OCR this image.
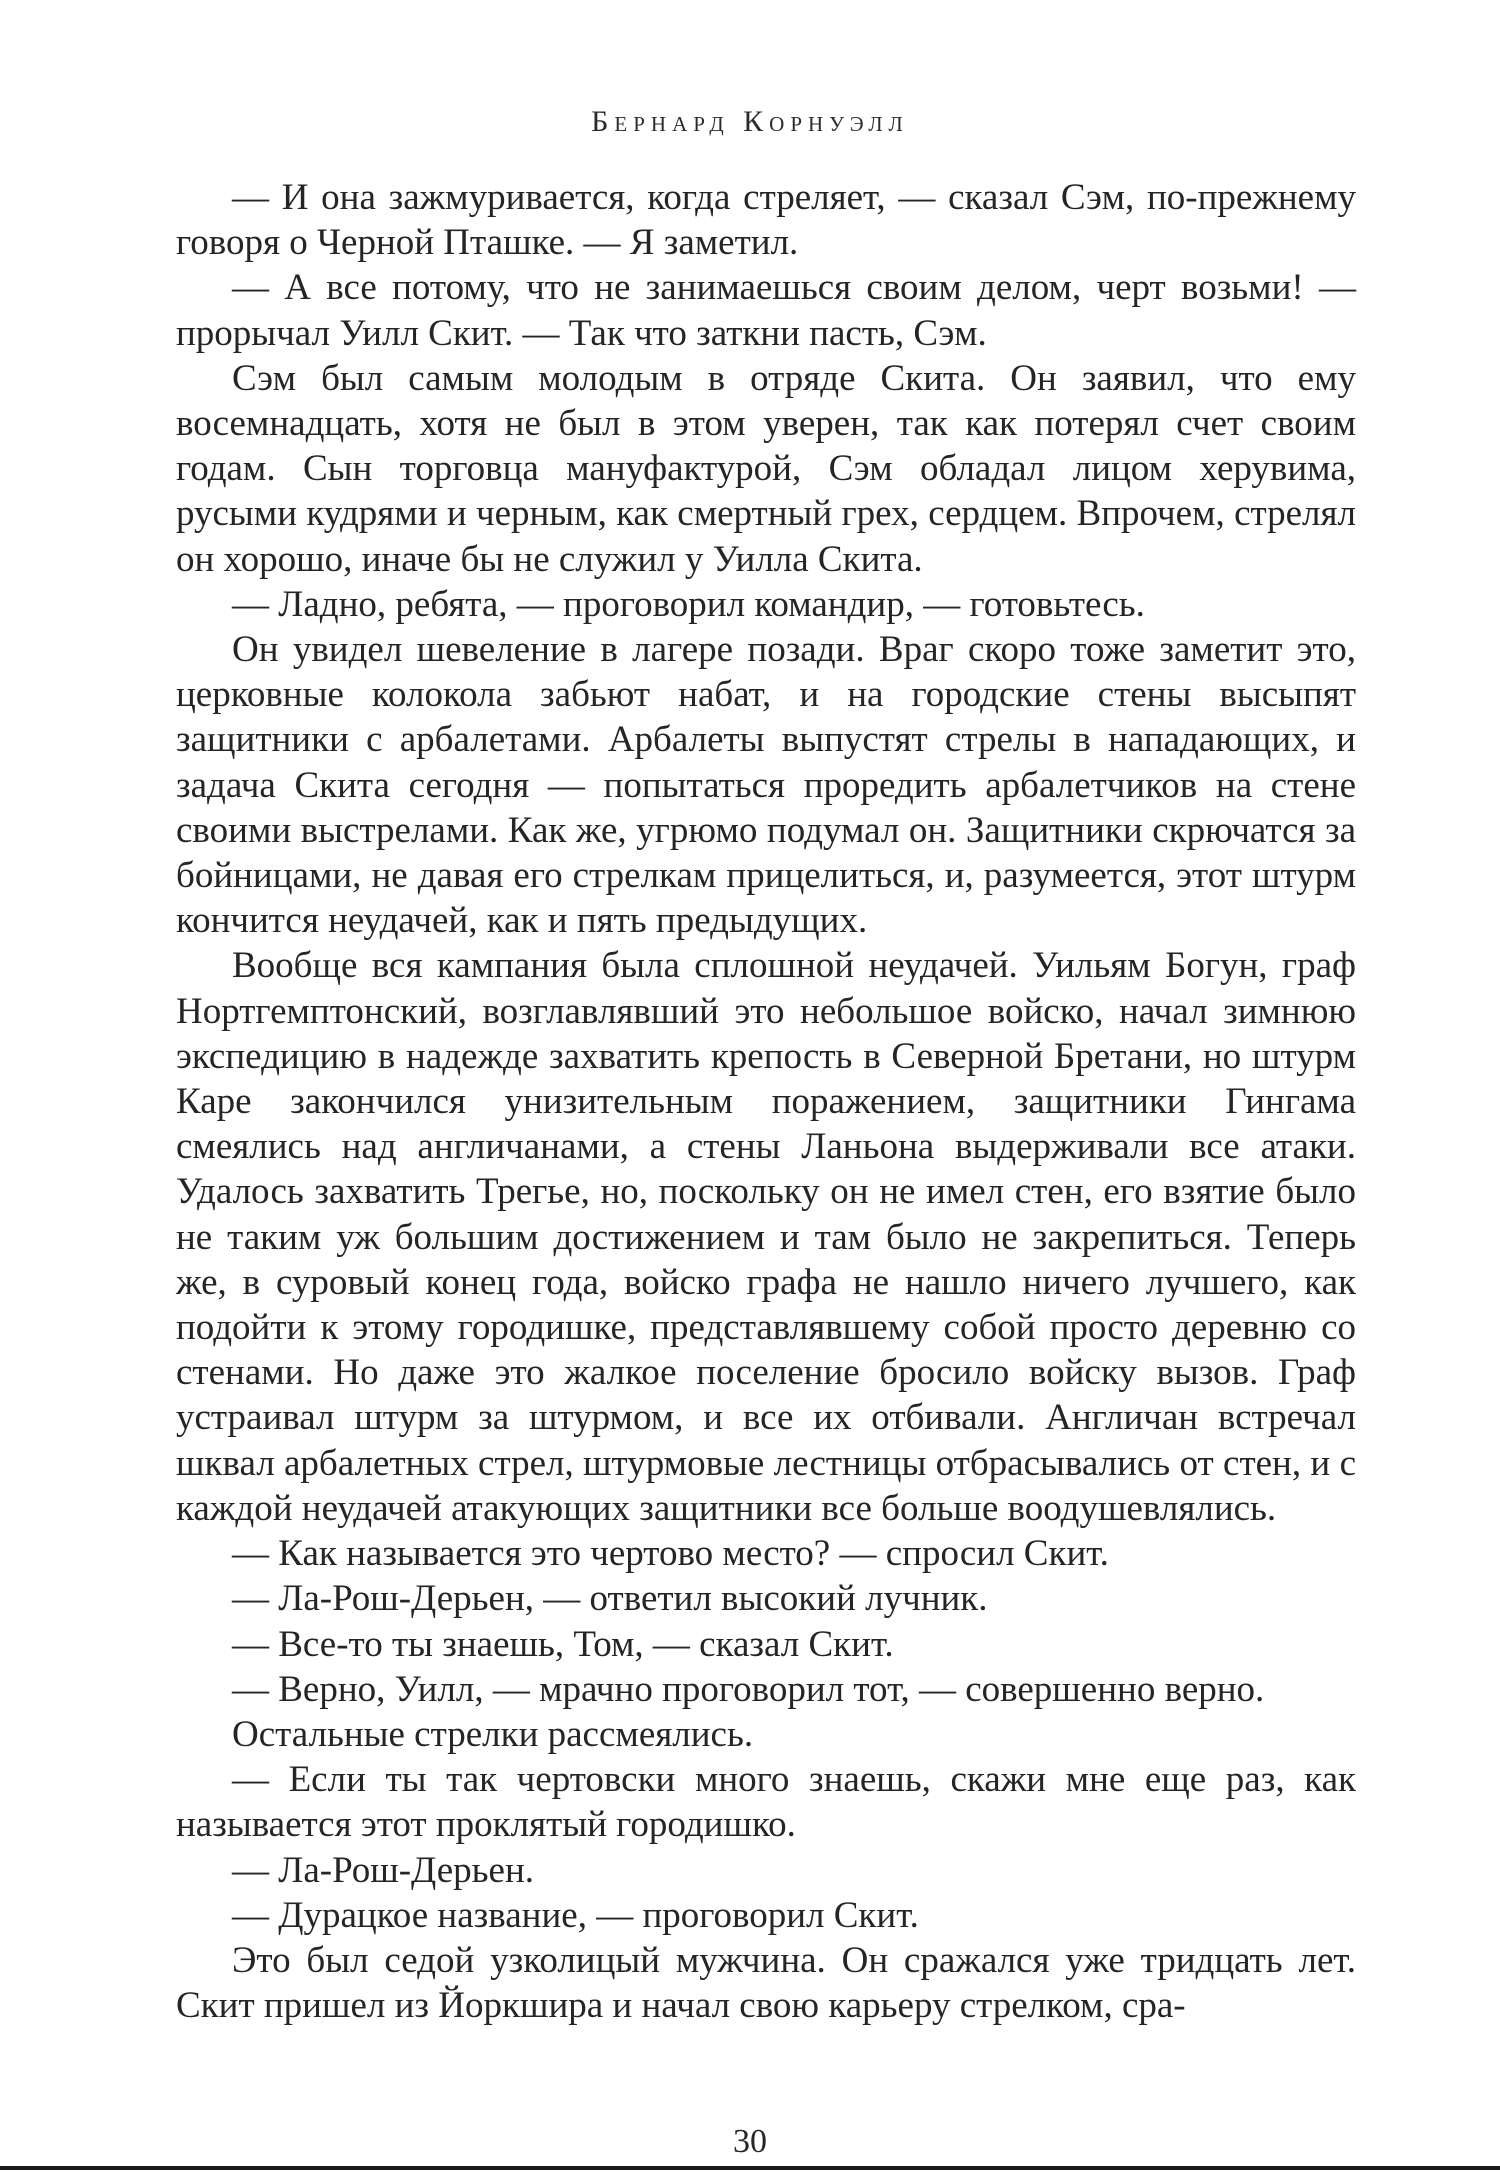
Бернард Корнуэлл

— И она зажмуривается, когда стреляет, — сказал Сэм, по-прежнему говоря о Черной Пташке. — Я заметил.

— А все потому, что не занимаешься своим делом, черт возьми! — прорычал Уилл Скит. — Так что заткни пасть, Сэм.

Сэм был самым молодым в отряде Скита. Он заявил, что ему восемнадцать, хотя не был в этом уверен, так как потерял счет своим годам. Сын торговца мануфактурой, Сэм обладал лицом херувима, русыми кудрями и черным, как смертный грех, сердцем. Впрочем, стрелял он хорошо, иначе бы не служил у Уилла Скита.

— Ладно, ребята, — проговорил командир, — готовьтесь.

Он увидел шевеление в лагере позади. Враг скоро тоже заметит это, церковные колокола забьют набат, и на городские стены высыпят защитники с арбалетами. Арбалеты выпустят стрелы в нападающих, и задача Скита сегодня — попытаться проредить арбалетчиков на стене своими выстрелами. Как же, угрюмо подумал он. Защитники скрючатся за бойницами, не давая его стрелкам прицелиться, и, разумеется, этот штурм кончится неудачей, как и пять предыдущих.

Вообще вся кампания была сплошной неудачей. Уильям Богун, граф Нортгемптонский, возглавлявший это небольшое войско, начал зимнюю экспедицию в надежде захватить крепость в Северной Бретани, но штурм Каре закончился унизительным поражением, защитники Гингама смеялись над англичанами, а стены Ланьона выдерживали все атаки. Удалось захватить Трегье, но, поскольку он не имел стен, его взятие было не таким уж большим достижением и там было не закрепиться. Теперь же, в суровый конец года, войско графа не нашло ничего лучшего, как подойти к этому городишке, представлявшему собой просто деревню со стенами. Но даже это жалкое поселение бросило войску вызов. Граф устраивал штурм за штурмом, и все их отбивали. Англичан встречал шквал арбалетных стрел, штурмовые лестницы отбрасывались от стен, и с каждой неудачей атакующих защитники все больше воодушевлялись.

— Как называется это чертово место? — спросил Скит.

— Ла-Рош-Дерьен, — ответил высокий лучник.

— Все-то ты знаешь, Том, — сказал Скит.

— Верно, Уилл, — мрачно проговорил тот, — совершенно верно.

Остальные стрелки рассмеялись.

— Если ты так чертовски много знаешь, скажи мне еще раз, как называется этот проклятый городишко.

— Ла-Рош-Дерьен.

— Дурацкое название, — проговорил Скит.

Это был седой узколицый мужчина. Он сражался уже тридцать лет. Скит пришел из Йоркшира и начал свою карьеру стрелком, сра-

30
